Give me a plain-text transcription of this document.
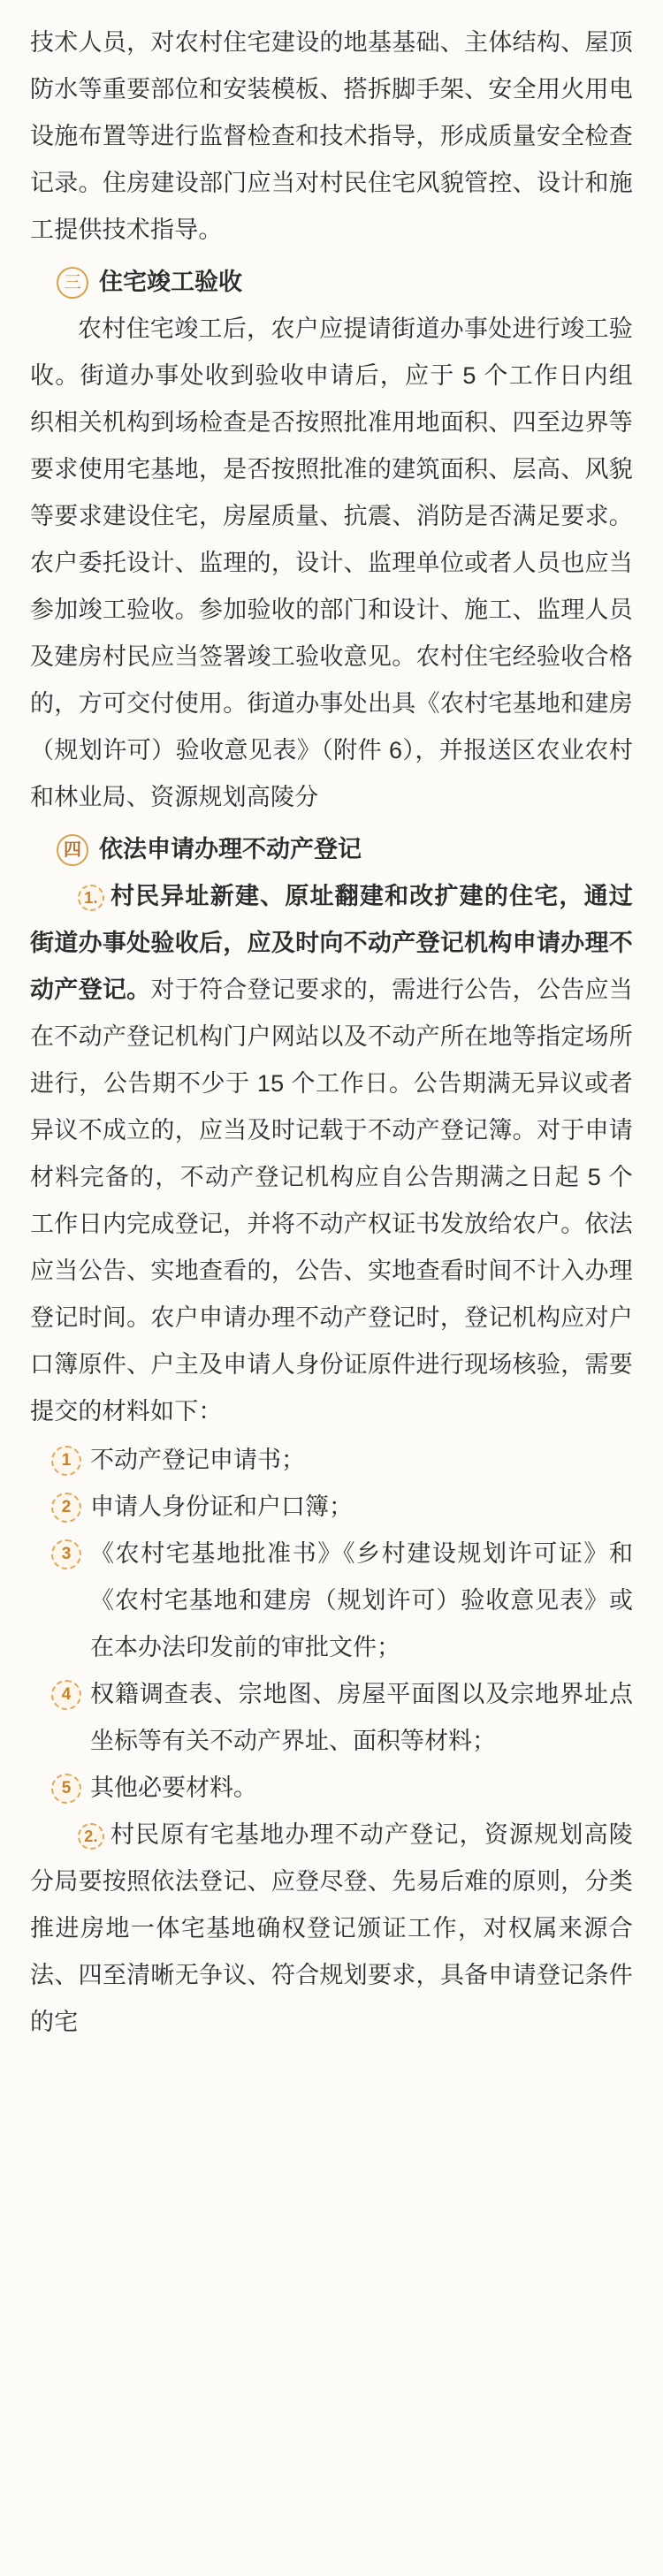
技术人员，对农村住宅建设的地基基础、主体结构、屋顶防水等重要部位和安装模板、搭拆脚手架、安全用火用电设施布置等进行监督检查和技术指导，形成质量安全检查记录。住房建设部门应当对村民住宅风貌管控、设计和施工提供技术指导。

三 住宅竣工验收

农村住宅竣工后，农户应提请街道办事处进行竣工验收。街道办事处收到验收申请后，应于 5 个工作日内组织相关机构到场检查是否按照批准用地面积、四至边界等要求使用宅基地，是否按照批准的建筑面积、层高、风貌等要求建设住宅，房屋质量、抗震、消防是否满足要求。农户委托设计、监理的，设计、监理单位或者人员也应当参加竣工验收。参加验收的部门和设计、施工、监理人员及建房村民应当签署竣工验收意见。农村住宅经验收合格的，方可交付使用。街道办事处出具《农村宅基地和建房（规划许可）验收意见表》（附件 6），并报送区农业农村和林业局、资源规划高陵分

四 依法申请办理不动产登记

1. 村民异址新建、原址翻建和改扩建的住宅，通过街道办事处验收后，应及时向不动产登记机构申请办理不动产登记。对于符合登记要求的，需进行公告，公告应当在不动产登记机构门户网站以及不动产所在地等指定场所进行，公告期不少于 15 个工作日。公告期满无异议或者异议不成立的，应当及时记载于不动产登记簿。对于申请材料完备的，不动产登记机构应自公告期满之日起 5 个工作日内完成登记，并将不动产权证书发放给农户。依法应当公告、实地查看的，公告、实地查看时间不计入办理登记时间。农户申请办理不动产登记时，登记机构应对户口簿原件、户主及申请人身份证原件进行现场核验，需要提交的材料如下：

1 不动产登记申请书；
2 申请人身份证和户口簿；
3 《农村宅基地批准书》《乡村建设规划许可证》和《农村宅基地和建房（规划许可）验收意见表》或在本办法印发前的审批文件；
4 权籍调查表、宗地图、房屋平面图以及宗地界址点坐标等有关不动产界址、面积等材料；
5 其他必要材料。

2. 村民原有宅基地办理不动产登记，资源规划高陵分局要按照依法登记、应登尽登、先易后难的原则，分类推进房地一体宅基地确权登记颁证工作，对权属来源合法、四至清晰无争议、符合规划要求，具备申请登记条件的宅
